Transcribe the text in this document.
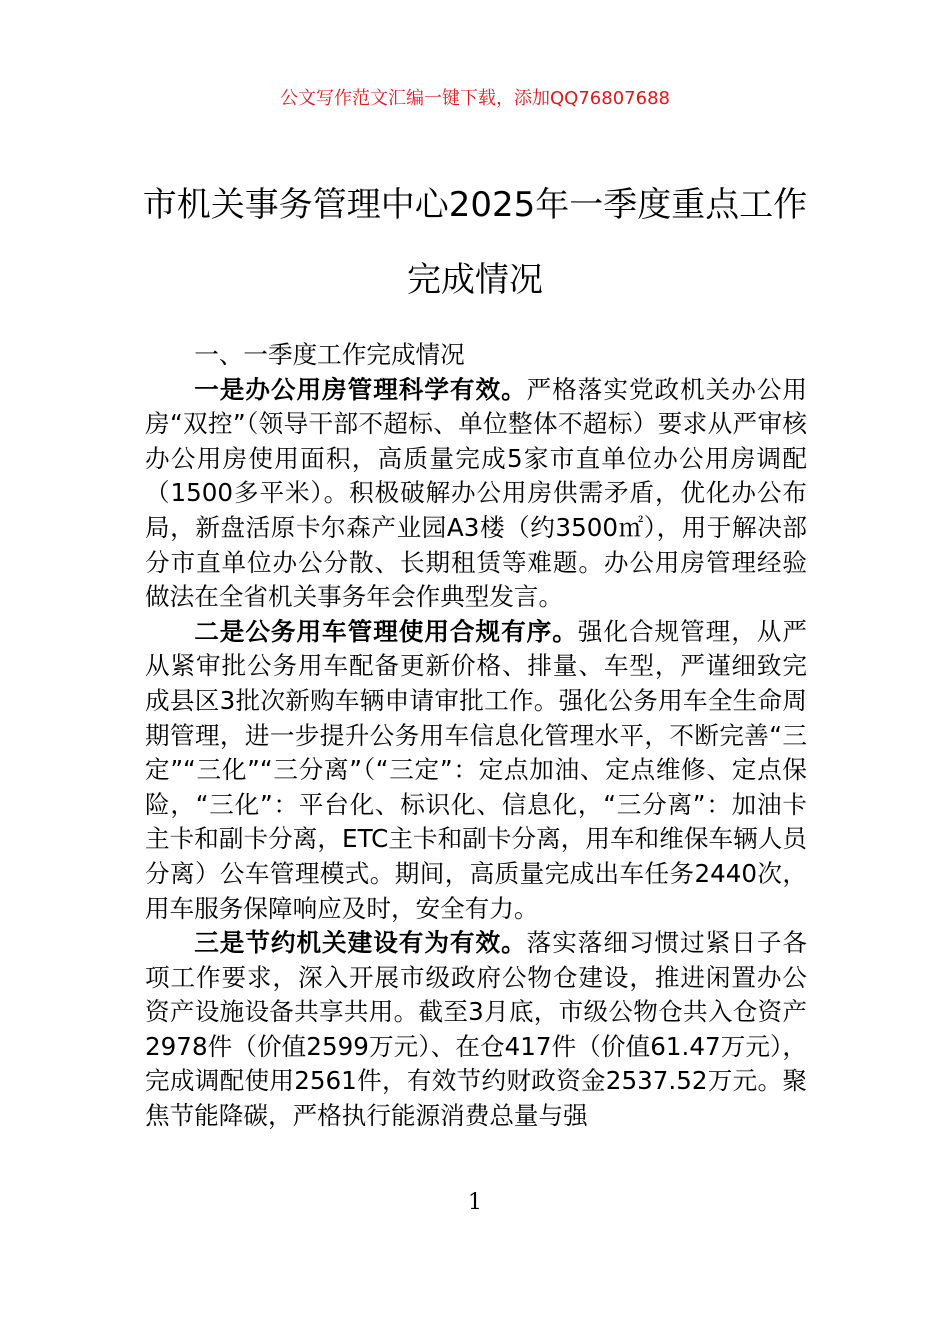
公文写作范文汇编一键下载，添加QQ76807688
市机关事务管理中心2025年一季度重点工作完成情况

一、一季度工作完成情况

一是办公用房管理科学有效。严格落实党政机关办公用房“双控”（领导干部不超标、单位整体不超标）要求从严审核办公用房使用面积，高质量完成5家市直单位办公用房调配（1500多平米）。积极破解办公用房供需矛盾，优化办公布局，新盘活原卡尔森产业园A3楼（约3500㎡），用于解决部分市直单位办公分散、长期租赁等难题。办公用房管理经验做法在全省机关事务年会作典型发言。

二是公务用车管理使用合规有序。强化合规管理，从严从紧审批公务用车配备更新价格、排量、车型，严谨细致完成县区3批次新购车辆申请审批工作。强化公务用车全生命周期管理，进一步提升公务用车信息化管理水平，不断完善“三定”“三化”“三分离”（“三定”：定点加油、定点维修、定点保险，“三化”：平台化、标识化、信息化，“三分离”：加油卡主卡和副卡分离，ETC主卡和副卡分离，用车和维保车辆人员分离）公车管理模式。期间，高质量完成出车任务2440次，用车服务保障响应及时，安全有力。

三是节约机关建设有为有效。落实落细习惯过紧日子各项工作要求，深入开展市级政府公物仓建设，推进闲置办公资产设施设备共享共用。截至3月底，市级公物仓共入仓资产2978件（价值2599万元）、在仓417件（价值61.47万元），完成调配使用2561件，有效节约财政资金2537.52万元。聚焦节能降碳，严格执行能源消费总量与强

1
